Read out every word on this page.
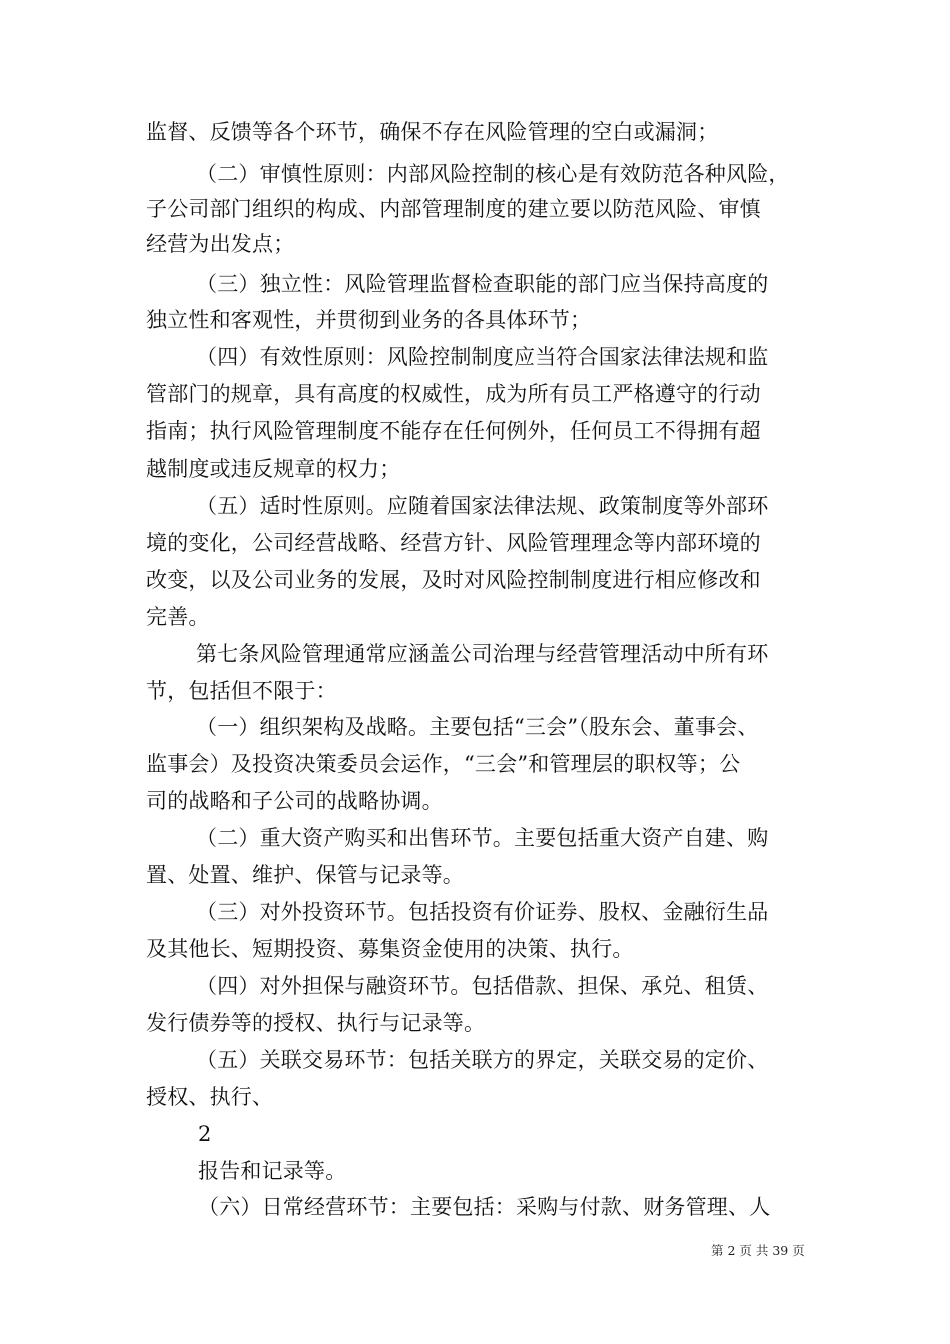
监督、反馈等各个环节，确保不存在风险管理的空白或漏洞；
（二）审慎性原则：内部风险控制的核心是有效防范各种风险，
子公司部门组织的构成、内部管理制度的建立要以防范风险、审慎
经营为出发点；
（三）独立性：风险管理监督检查职能的部门应当保持高度的
独立性和客观性，并贯彻到业务的各具体环节；
（四）有效性原则：风险控制制度应当符合国家法律法规和监
管部门的规章，具有高度的权威性，成为所有员工严格遵守的行动
指南；执行风险管理制度不能存在任何例外，任何员工不得拥有超
越制度或违反规章的权力；
（五）适时性原则。应随着国家法律法规、政策制度等外部环
境的变化，公司经营战略、经营方针、风险管理理念等内部环境的
改变，以及公司业务的发展，及时对风险控制制度进行相应修改和
完善。
第七条风险管理通常应涵盖公司治理与经营管理活动中所有环
节，包括但不限于：
（一）组织架构及战略。主要包括“三会”（股东会、董事会、
监事会）及投资决策委员会运作，“三会”和管理层的职权等；公
司的战略和子公司的战略协调。
（二）重大资产购买和出售环节。主要包括重大资产自建、购
置、处置、维护、保管与记录等。
（三）对外投资环节。包括投资有价证券、股权、金融衍生品
及其他长、短期投资、募集资金使用的决策、执行。
（四）对外担保与融资环节。包括借款、担保、承兑、租赁、
发行债券等的授权、执行与记录等。
（五）关联交易环节：包括关联方的界定，关联交易的定价、
授权、执行、
2
报告和记录等。
（六）日常经营环节：主要包括：采购与付款、财务管理、人
第 2 页 共 39 页
